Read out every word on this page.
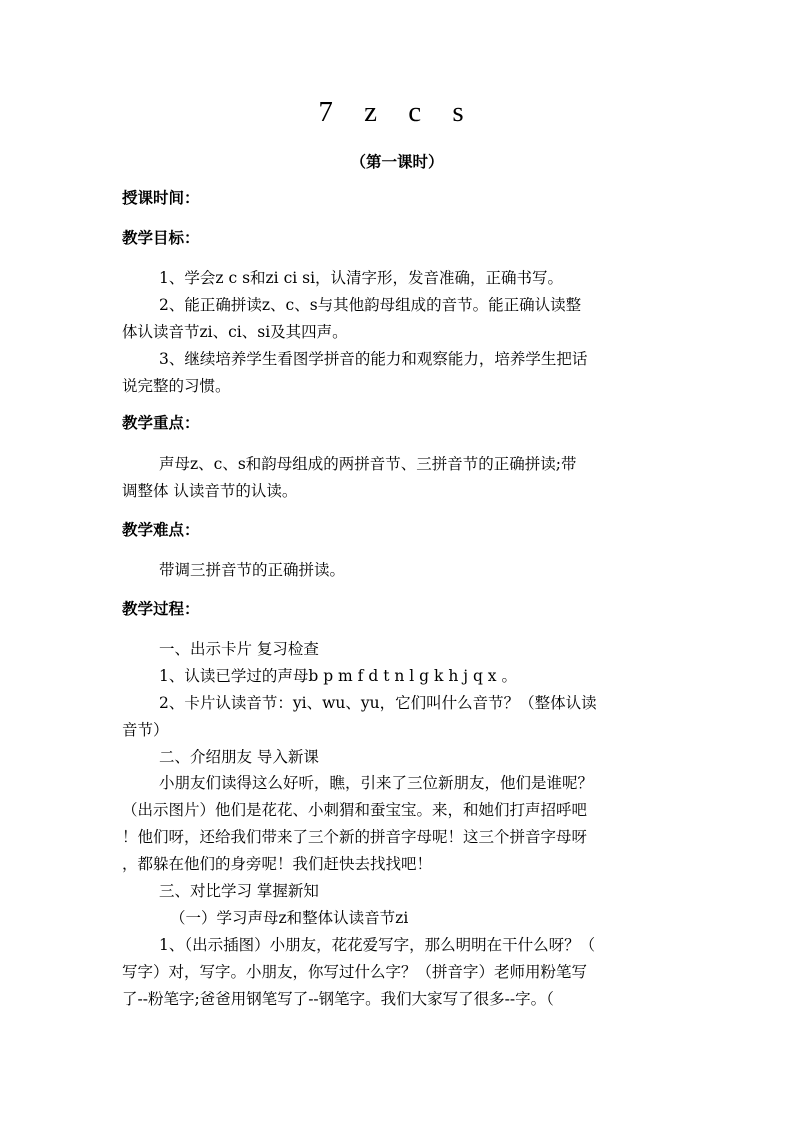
7 z c s
（第一课时）
授课时间：
教学目标：
1、学会z c s和zi ci si，认清字形，发音准确，正确书写。
2、能正确拼读z、c、s与其他韵母组成的音节。能正确认读整
体认读音节zi、ci、si及其四声。
3、继续培养学生看图学拼音的能力和观察能力，培养学生把话
说完整的习惯。
教学重点：
声母z、c、s和韵母组成的两拼音节、三拼音节的正确拼读;带
调整体 认读音节的认读。
教学难点：
带调三拼音节的正确拼读。
教学过程：
一、出示卡片 复习检查
1、认读已学过的声母b p m f d t n l g k h j q x 。
2、卡片认读音节：yi、wu、yu，它们叫什么音节？（整体认读
音节）
二、介绍朋友 导入新课
小朋友们读得这么好听，瞧，引来了三位新朋友，他们是谁呢？
（出示图片）他们是花花、小刺猬和蚕宝宝。来，和她们打声招呼吧
！他们呀，还给我们带来了三个新的拼音字母呢！这三个拼音字母呀
，都躲在他们的身旁呢！我们赶快去找找吧！
三、对比学习 掌握新知
（一）学习声母z和整体认读音节zi
1、（出示插图）小朋友，花花爱写字，那么明明在干什么呀？（
写字）对，写字。小朋友，你写过什么字？（拼音字）老师用粉笔写
了--粉笔字;爸爸用钢笔写了--钢笔字。我们大家写了很多--字。（
